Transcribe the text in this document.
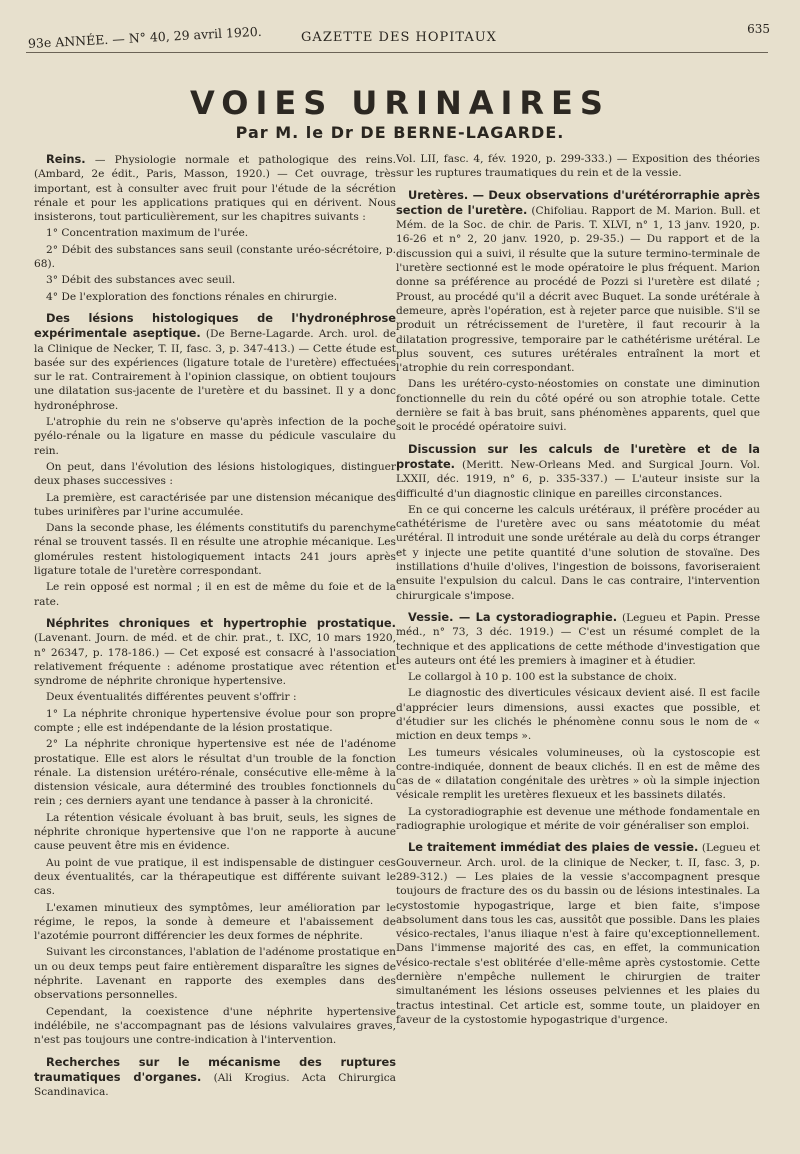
93e ANNÉE. — N° 40, 29 avril 1920.	GAZETTE DES HOPITAUX
635
VOIES URINAIRES
Par M. le Dr DE BERNE-LAGARDE.

Reins. — Physiologie normale et pathologique des reins. (Ambard, 2e édit., Paris, Masson, 1920.) — Cet ouvrage, très important, est à consulter avec fruit pour l'étude de la sécrétion rénale et pour les applications pratiques qui en dérivent. Nous insisterons, tout particulièrement, sur les chapitres suivants :

1° Concentration maximum de l'urée.

2° Débit des substances sans seuil (constante uréo-sécrétoire, p. 68).

3° Débit des substances avec seuil.

4° De l'exploration des fonctions rénales en chirurgie.

Des lésions histologiques de l'hydronéphrose expérimentale aseptique. (De Berne-Lagarde. Arch. urol. de la Clinique de Necker, T. II, fasc. 3, p. 347-413.) — Cette étude est basée sur des expériences (ligature totale de l'uretère) effectuées sur le rat. Contrairement à l'opinion classique, on obtient toujours une dilatation sus-jacente de l'uretère et du bassinet. Il y a donc hydronéphrose.

L'atrophie du rein ne s'observe qu'après infection de la poche pyélo-rénale ou la ligature en masse du pédicule vasculaire du rein.

On peut, dans l'évolution des lésions histologiques, distinguer deux phases successives :

La première, est caractérisée par une distension mécanique des tubes urinifères par l'urine accumulée.

Dans la seconde phase, les éléments constitutifs du parenchyme rénal se trouvent tassés. Il en résulte une atrophie mécanique. Les glomérules restent histologiquement intacts 241 jours après ligature totale de l'uretère correspondant.

Le rein opposé est normal ; il en est de même du foie et de la rate.

Néphrites chroniques et hypertrophie prostatique. (Lavenant. Journ. de méd. et de chir. prat., t. IXC, 10 mars 1920, n° 26347, p. 178-186.) — Cet exposé est consacré à l'association relativement fréquente : adénome prostatique avec rétention et syndrome de néphrite chronique hypertensive.

Deux éventualités différentes peuvent s'offrir :

1° La néphrite chronique hypertensive évolue pour son propre compte ; elle est indépendante de la lésion prostatique.

2° La néphrite chronique hypertensive est née de l'adénome prostatique. Elle est alors le résultat d'un trouble de la fonction rénale. La distension urétéro-rénale, consécutive elle-même à la distension vésicale, aura déterminé des troubles fonctionnels du rein ; ces derniers ayant une tendance à passer à la chronicité.

La rétention vésicale évoluant à bas bruit, seuls, les signes de néphrite chronique hypertensive que l'on ne rapporte à aucune cause peuvent être mis en évidence.

Au point de vue pratique, il est indispensable de distinguer ces deux éventualités, car la thérapeutique est différente suivant le cas.

L'examen minutieux des symptômes, leur amélioration par le régime, le repos, la sonde à demeure et l'abaissement de l'azotémie pourront différencier les deux formes de néphrite.

Suivant les circonstances, l'ablation de l'adénome prostatique en un ou deux temps peut faire entièrement disparaître les signes de néphrite. Lavenant en rapporte des exemples dans des observations personnelles.

Cependant, la coexistence d'une néphrite hypertensive indélébile, ne s'accompagnant pas de lésions valvulaires graves, n'est pas toujours une contre-indication à l'intervention.

Recherches sur le mécanisme des ruptures traumatiques d'organes. (Ali Krogius. Acta Chirurgica Scandinavica.

Vol. LII, fasc. 4, fév. 1920, p. 299-333.) — Exposition des théories sur les ruptures traumatiques du rein et de la vessie.

Uretères. — Deux observations d'urétérorraphie après section de l'uretère. (Chifoliau. Rapport de M. Marion. Bull. et Mém. de la Soc. de chir. de Paris. T. XLVI, n° 1, 13 janv. 1920, p. 16-26 et n° 2, 20 janv. 1920, p. 29-35.) — Du rapport et de la discussion qui a suivi, il résulte que la suture termino-terminale de l'uretère sectionné est le mode opératoire le plus fréquent. Marion donne sa préférence au procédé de Pozzi si l'uretère est dilaté ; Proust, au procédé qu'il a décrit avec Buquet. La sonde urétérale à demeure, après l'opération, est à rejeter parce que nuisible. S'il se produit un rétrécissement de l'uretère, il faut recourir à la dilatation progressive, temporaire par le cathétérisme urétéral. Le plus souvent, ces sutures urétérales entraînent la mort et l'atrophie du rein correspondant.

Dans les urétéro-cysto-néostomies on constate une diminution fonctionnelle du rein du côté opéré ou son atrophie totale. Cette dernière se fait à bas bruit, sans phénomènes apparents, quel que soit le procédé opératoire suivi.

Discussion sur les calculs de l'uretère et de la prostate. (Meritt. New-Orleans Med. and Surgical Journ. Vol. LXXII, déc. 1919, n° 6, p. 335-337.) — L'auteur insiste sur la difficulté d'un diagnostic clinique en pareilles circonstances.

En ce qui concerne les calculs urétéraux, il préfère procéder au cathétérisme de l'uretère avec ou sans méatotomie du méat urétéral. Il introduit une sonde urétérale au delà du corps étranger et y injecte une petite quantité d'une solution de stovaïne. Des instillations d'huile d'olives, l'ingestion de boissons, favoriseraient ensuite l'expulsion du calcul. Dans le cas contraire, l'intervention chirurgicale s'impose.

Vessie. — La cystoradiographie. (Legueu et Papin. Presse méd., n° 73, 3 déc. 1919.) — C'est un résumé complet de la technique et des applications de cette méthode d'investigation que les auteurs ont été les premiers à imaginer et à étudier.

Le collargol à 10 p. 100 est la substance de choix.

Le diagnostic des diverticules vésicaux devient aisé. Il est facile d'apprécier leurs dimensions, aussi exactes que possible, et d'étudier sur les clichés le phénomène connu sous le nom de « miction en deux temps ».

Les tumeurs vésicales volumineuses, où la cystoscopie est contre-indiquée, donnent de beaux clichés. Il en est de même des cas de « dilatation congénitale des urètres » où la simple injection vésicale remplit les uretères flexueux et les bassinets dilatés.

La cystoradiographie est devenue une méthode fondamentale en radiographie urologique et mérite de voir généraliser son emploi.

Le traitement immédiat des plaies de vessie. (Legueu et Gouverneur. Arch. urol. de la clinique de Necker, t. II, fasc. 3, p. 289-312.) — Les plaies de la vessie s'accompagnent presque toujours de fracture des os du bassin ou de lésions intestinales. La cystostomie hypogastrique, large et bien faite, s'impose absolument dans tous les cas, aussitôt que possible. Dans les plaies vésico-rectales, l'anus iliaque n'est à faire qu'exceptionnellement. Dans l'immense majorité des cas, en effet, la communication vésico-rectale s'est oblitérée d'elle-même après cystostomie. Cette dernière n'empêche nullement le chirurgien de traiter simultanément les lésions osseuses pelviennes et les plaies du tractus intestinal. Cet article est, somme toute, un plaidoyer en faveur de la cystostomie hypogastrique d'urgence.
